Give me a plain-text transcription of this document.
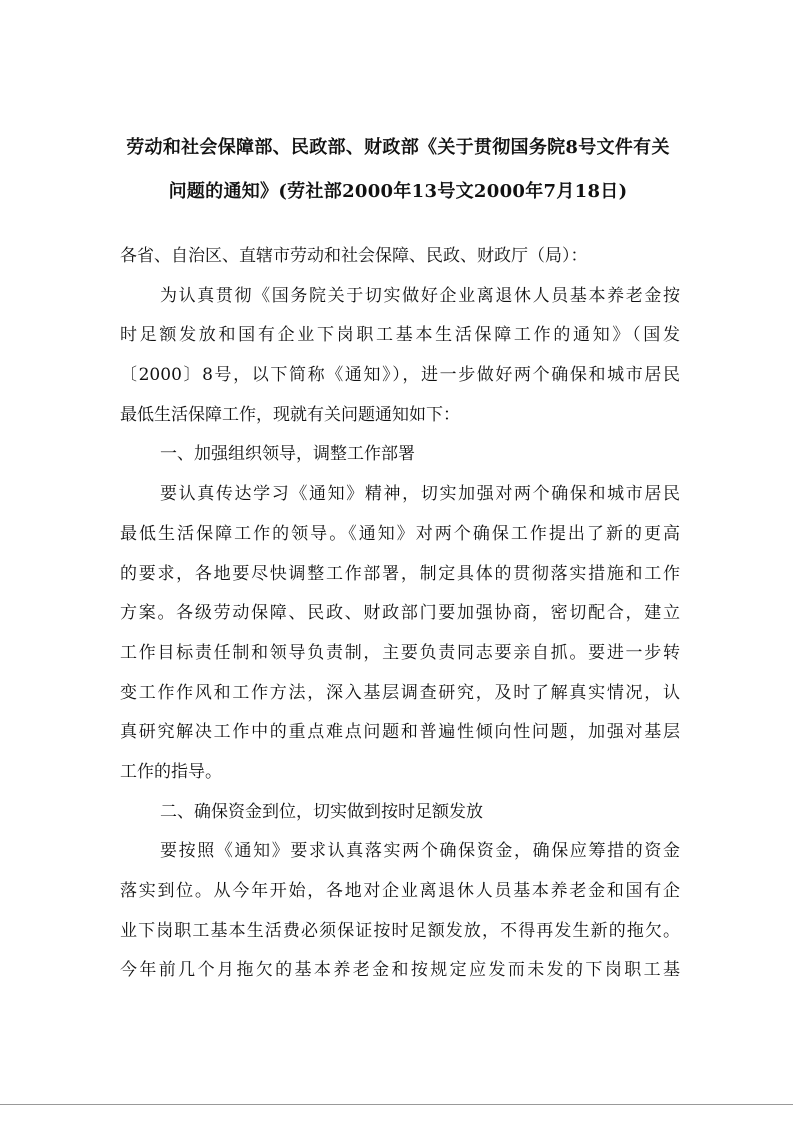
劳动和社会保障部、民政部、财政部《关于贯彻国务院8号文件有关
问题的通知》(劳社部2000年13号文2000年7月18日)
各省、自治区、直辖市劳动和社会保障、民政、财政厅（局）：
为认真贯彻《国务院关于切实做好企业离退休人员基本养老金按
时足额发放和国有企业下岗职工基本生活保障工作的通知》（国发
〔2000〕8号，以下简称《通知》），进一步做好两个确保和城市居民
最低生活保障工作，现就有关问题通知如下：
一、加强组织领导，调整工作部署
要认真传达学习《通知》精神，切实加强对两个确保和城市居民
最低生活保障工作的领导。《通知》对两个确保工作提出了新的更高
的要求，各地要尽快调整工作部署，制定具体的贯彻落实措施和工作
方案。各级劳动保障、民政、财政部门要加强协商，密切配合，建立
工作目标责任制和领导负责制，主要负责同志要亲自抓。要进一步转
变工作作风和工作方法，深入基层调查研究，及时了解真实情况，认
真研究解决工作中的重点难点问题和普遍性倾向性问题，加强对基层
工作的指导。
二、确保资金到位，切实做到按时足额发放
要按照《通知》要求认真落实两个确保资金，确保应筹措的资金
落实到位。从今年开始，各地对企业离退休人员基本养老金和国有企
业下岗职工基本生活费必须保证按时足额发放，不得再发生新的拖欠。
今年前几个月拖欠的基本养老金和按规定应发而未发的下岗职工基
